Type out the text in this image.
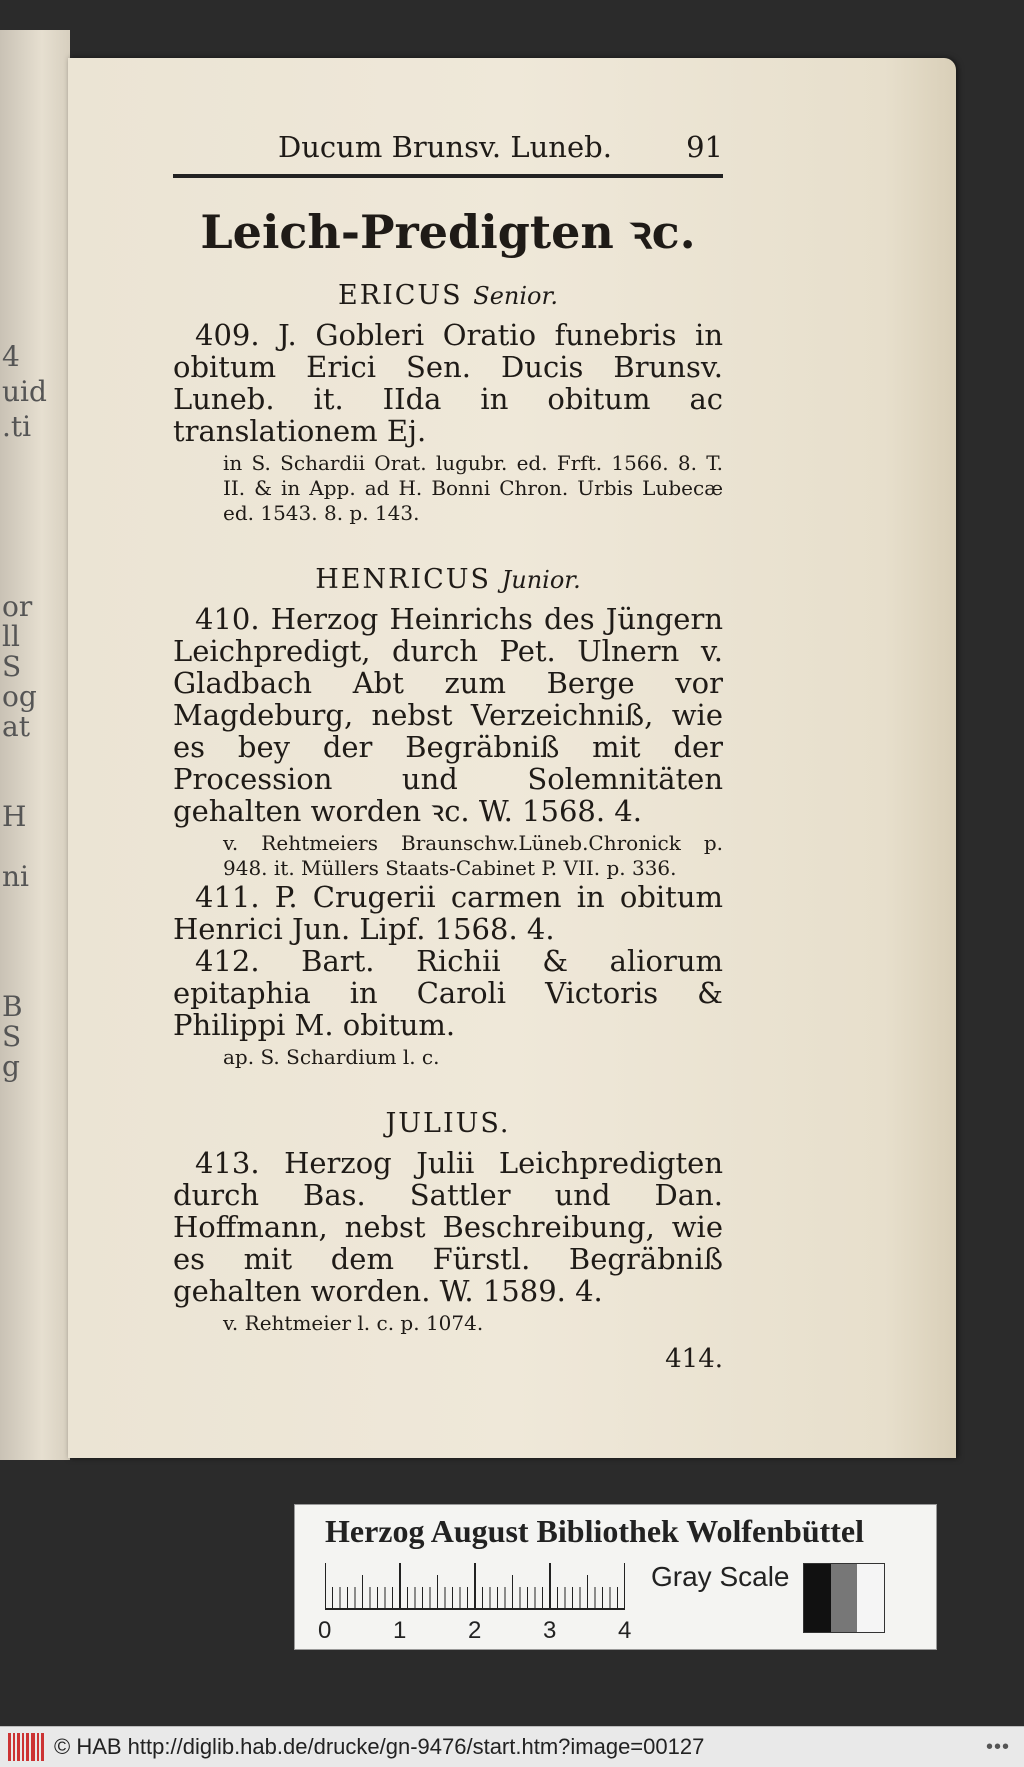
4
uid
.ti
or
ll
S
og
at
H
ni
B
S
g
Ducum Brunsv. Luneb.	91
Leich-Predigten ꝛc.
ERICUS Senior.

409. J. Gobleri Oratio funebris in obitum Erici Sen. Ducis Brunsv. Luneb. it. IIda in obitum ac translationem Ej.

in S. Schardii Orat. lugubr. ed. Frft. 1566. 8. T. II. & in App. ad H. Bonni Chron. Urbis Lubecæ ed. 1543. 8. p. 143.

HENRICUS Junior.

410. Herzog Heinrichs des Jüngern Leichpredigt, durch Pet. Ulnern v. Gladbach Abt zum Berge vor Magdeburg, nebst Verzeichniß, wie es bey der Begräbniß mit der Procession und Solemnitäten gehalten worden ꝛc. W. 1568. 4.

v. Rehtmeiers Braunschw.Lüneb.Chronick p. 948. it. Müllers Staats-Cabinet P. VII. p. 336.

411. P. Crugerii carmen in obitum Henrici Jun. Lipf. 1568. 4.

412. Bart. Richii & aliorum epitaphia in Caroli Victoris & Philippi M. obitum.

ap. S. Schardium l. c.

JULIUS.

413. Herzog Julii Leichpredigten durch Bas. Sattler und Dan. Hoffmann, nebst Beschreibung, wie es mit dem Fürstl. Begräbniß gehalten worden. W. 1589. 4.

v. Rehtmeier l. c. p. 1074.

414.
Herzog August Bibliothek Wolfenbüttel
Gray Scale
0	1	2	3	4
© HAB http://diglib.hab.de/drucke/gn-9476/start.htm?image=00127	•••
